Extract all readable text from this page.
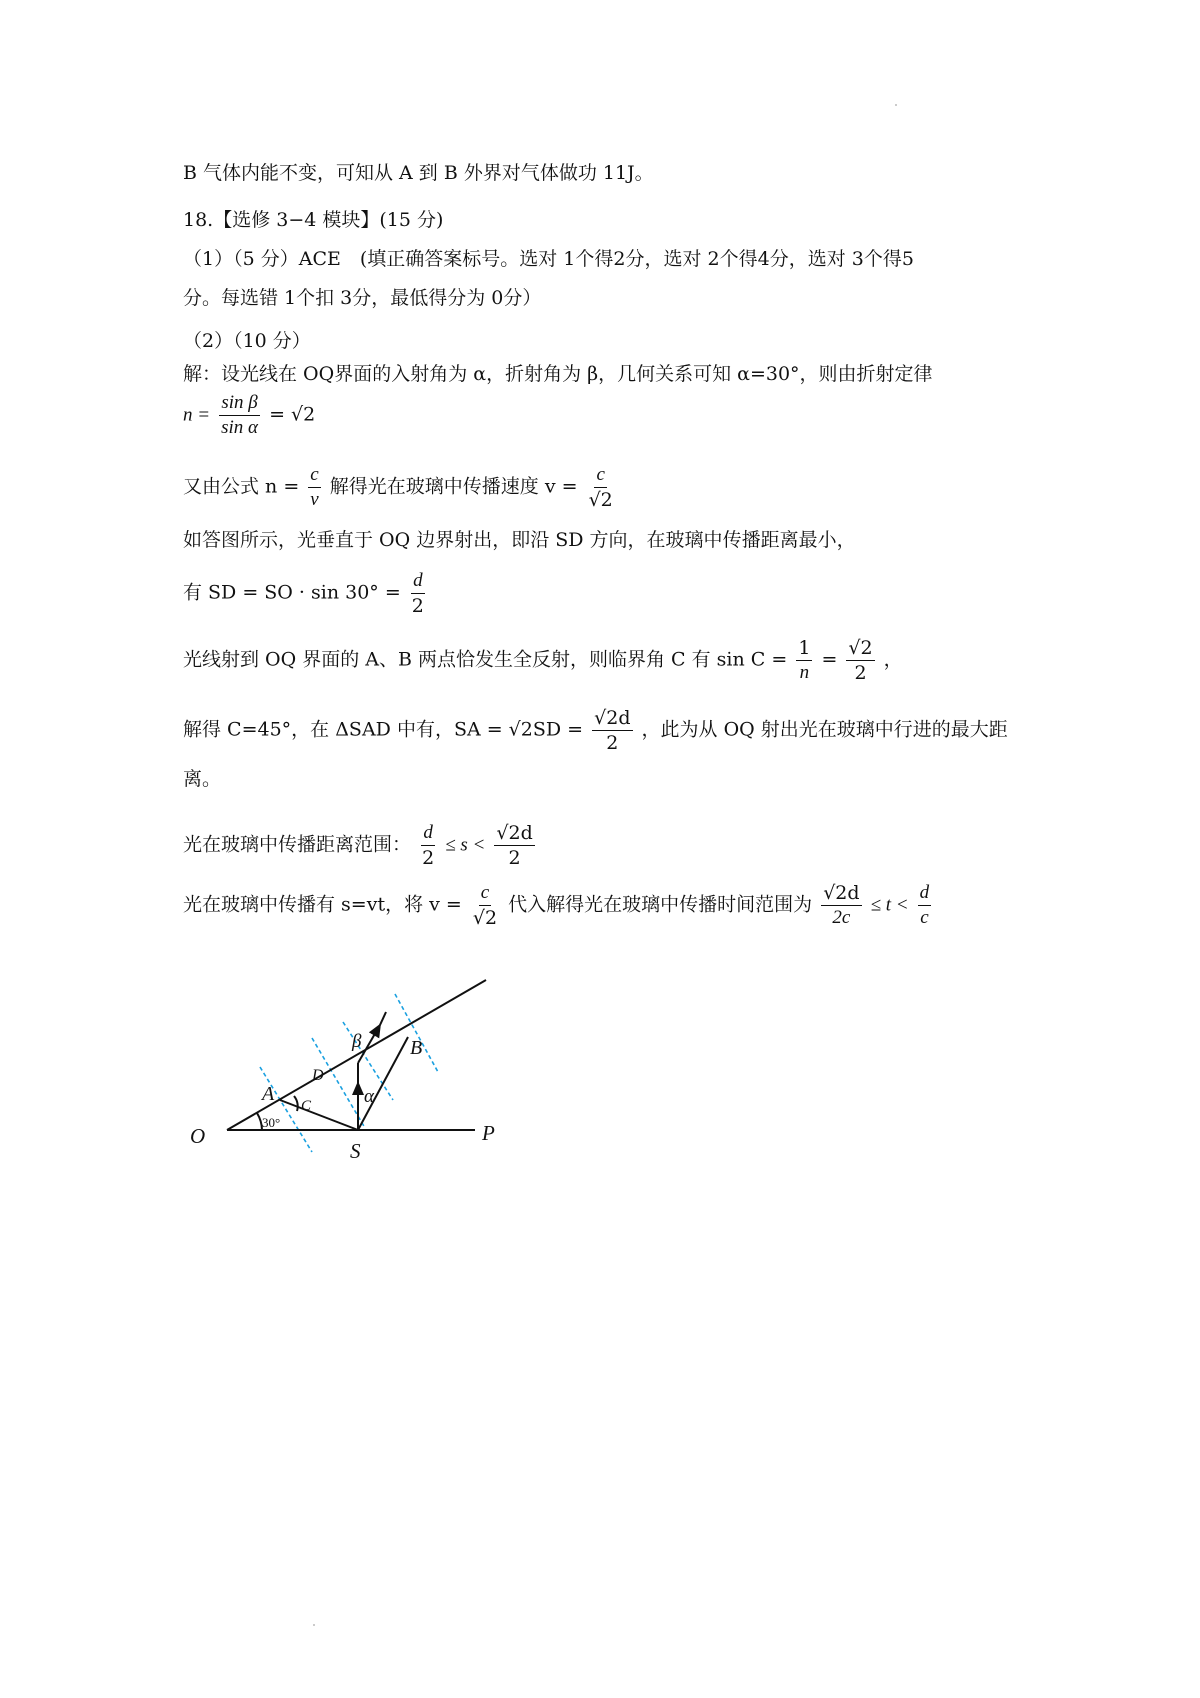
B 气体内能不变，可知从 A 到 B 外界对气体做功 11J。
18.【选修 3−4 模块】(15 分)
（1）（5 分）ACE　(填正确答案标号。选对 1个得2分，选对 2个得4分，选对 3个得5
分。每选错 1个扣 3分，最低得分为 0分）
（2）（10 分）
解：设光线在 OQ界面的入射角为 α，折射角为 β，几何关系可知 α=30°，则由折射定律
$n = \frac{\text{sin β}}{\text{sin α}} = √2$
又由公式 $n = \frac{c}{v}$ 解得光在玻璃中传播速度 $v = \frac{c}{√2}$
如答图所示，光垂直于 OQ 边界射出，即沿 SD 方向，在玻璃中传播距离最小，
有 SD = SO · $\sin 30^\circ = \frac{d}{2}$
光线射到 OQ 界面的 A、B 两点恰发生全反射，则临界角 C 有 $\sin C = \frac{1}{n} = \frac{√2}{2}$ ，
解得 C=45°，在 ΔSAD 中有，SA = $√2SD = \frac{√2d}{2}$ ，此为从 OQ 射出光在玻璃中行进的最大距
离。
光在玻璃中传播距离范围： $\frac{d}{2} \le s < \frac{√2d}{2}$
光在玻璃中传播有 s=vt，将 $v = \frac{c}{√2}$ 代入解得光在玻璃中传播时间范围为 $\frac{√2d}{2c} \le t < \frac{d}{c}$
O	P
S
A
B
D
C	α
β
30°
